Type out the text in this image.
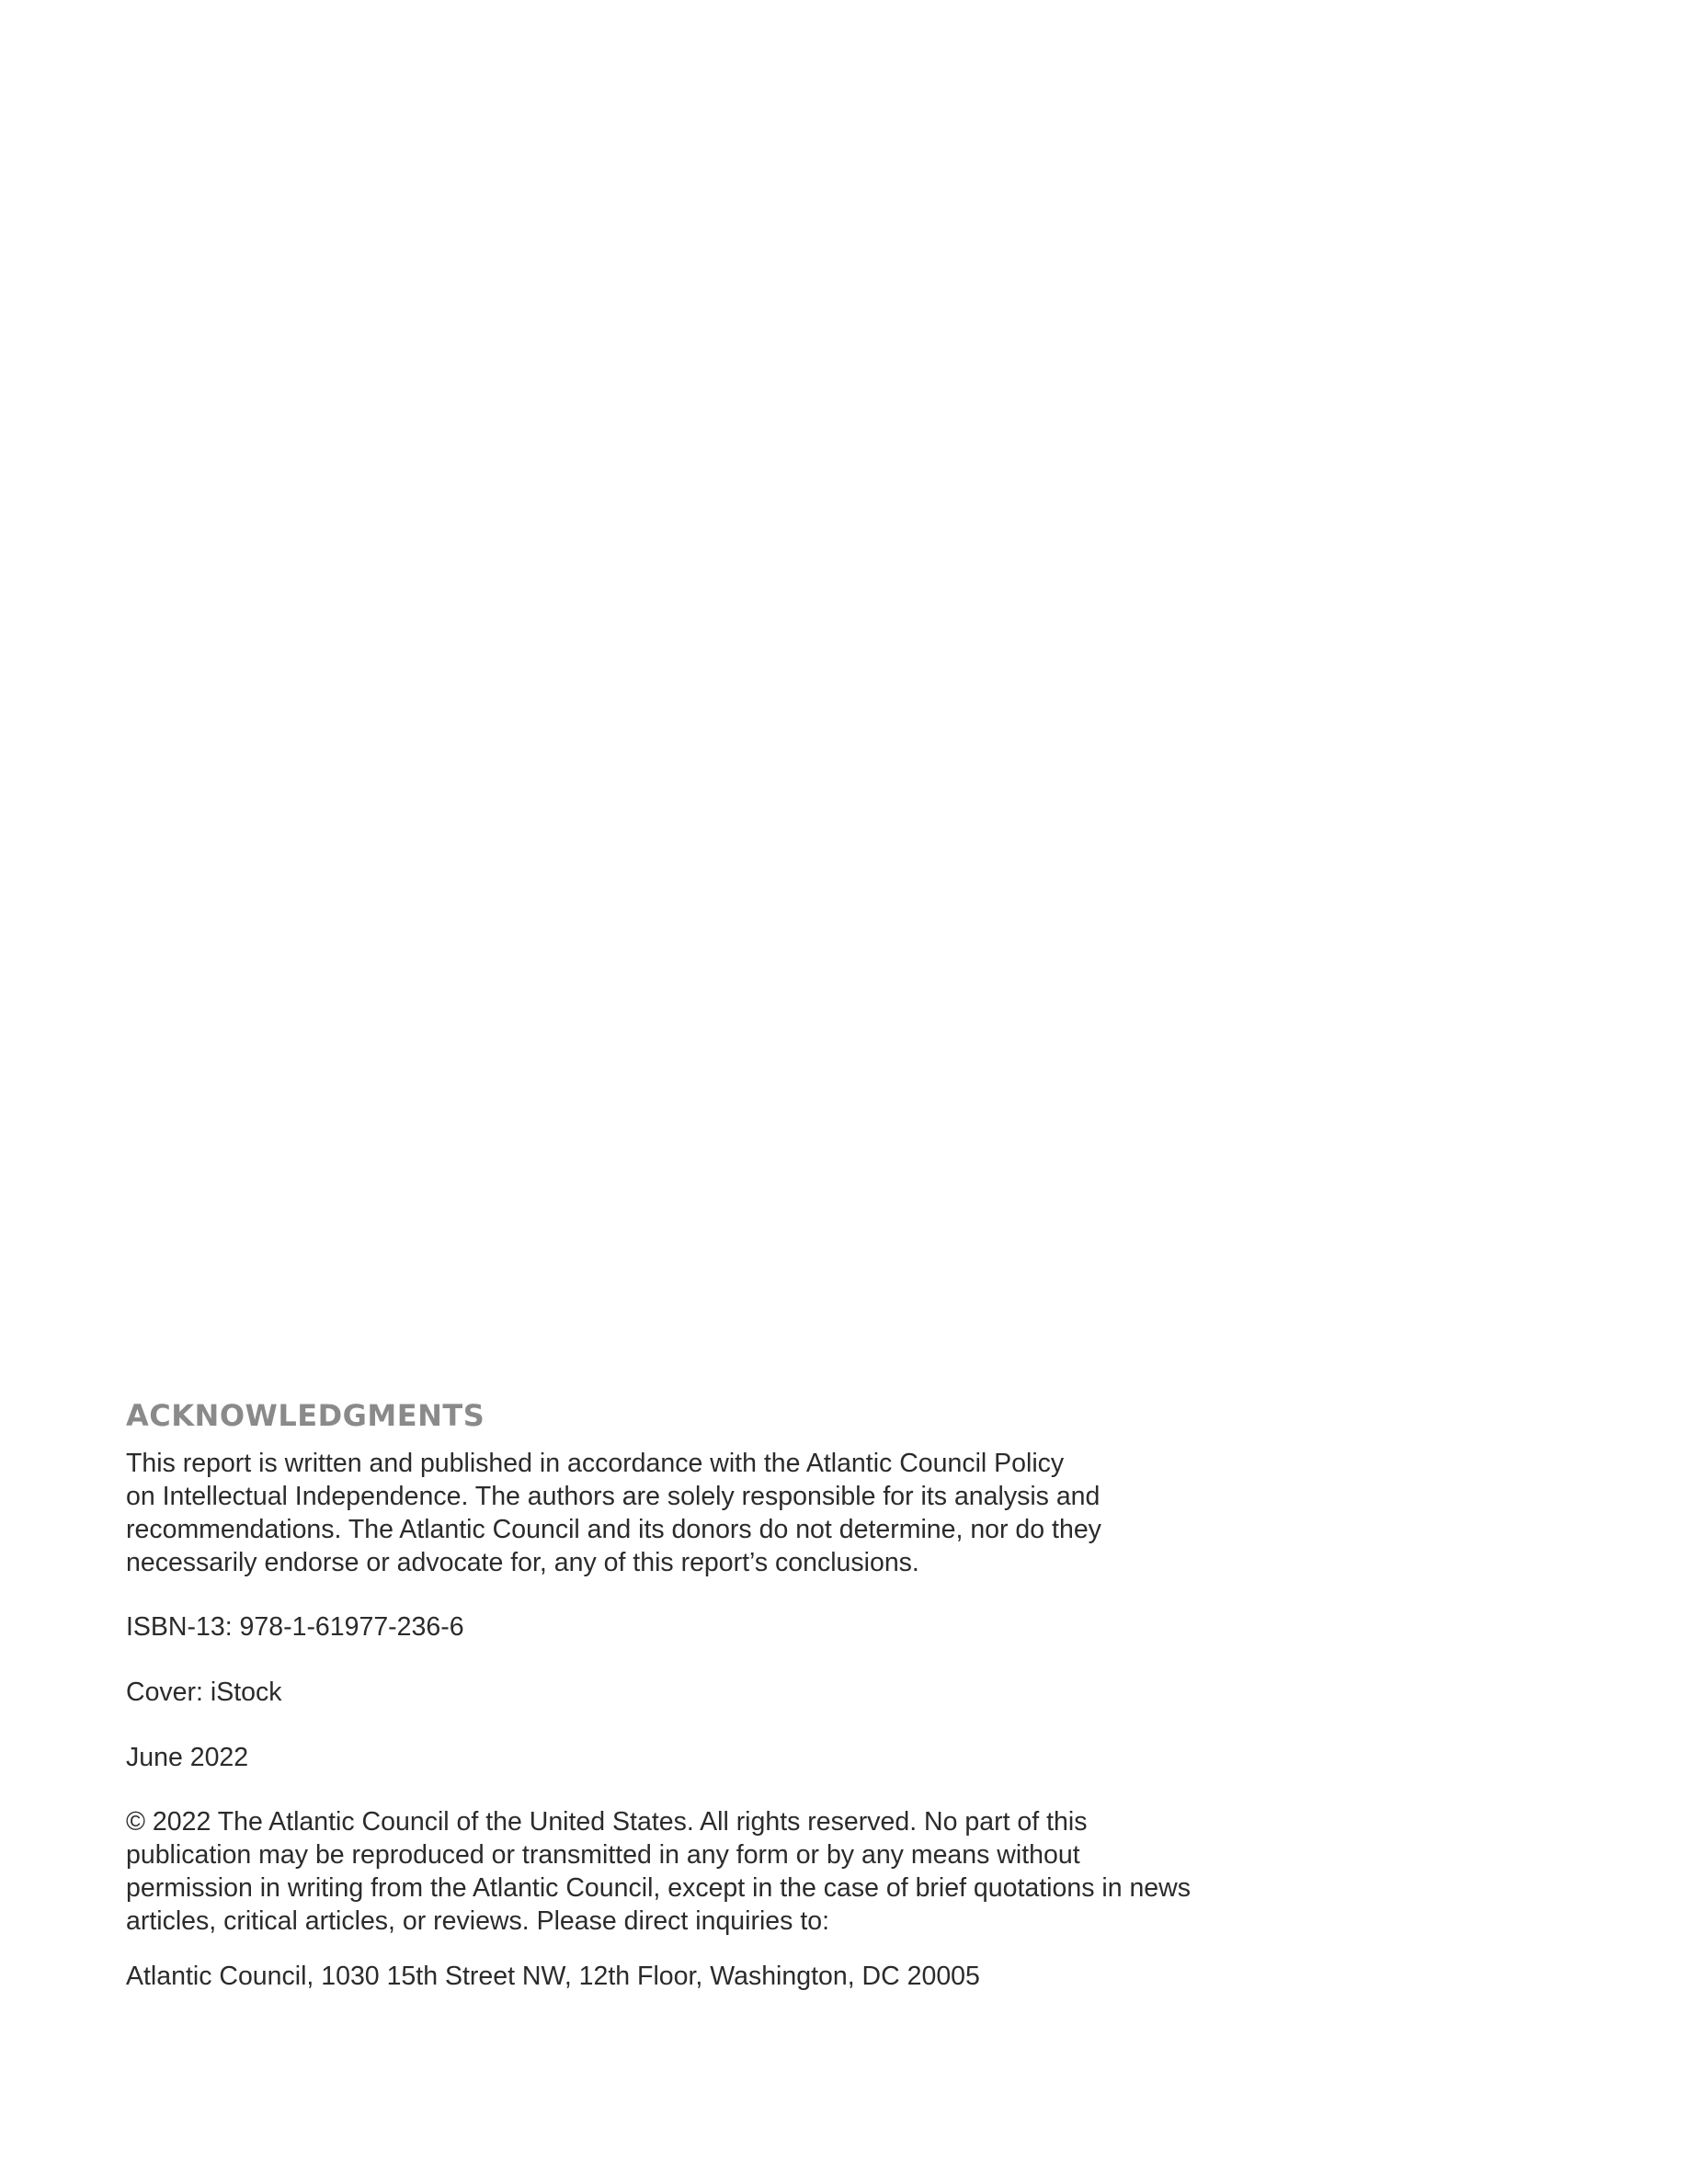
ACKNOWLEDGMENTS

This report is written and published in accordance with the Atlantic Council Policy
on Intellectual Independence. The authors are solely responsible for its analysis and
recommendations. The Atlantic Council and its donors do not determine, nor do they
necessarily endorse or advocate for, any of this report’s conclusions.

ISBN-13: 978-1-61977-236-6

Cover: iStock

June 2022

© 2022 The Atlantic Council of the United States. All rights reserved. No part of this
publication may be reproduced or transmitted in any form or by any means without
permission in writing from the Atlantic Council, except in the case of brief quotations in news
articles, critical articles, or reviews. Please direct inquiries to:

Atlantic Council, 1030 15th Street NW, 12th Floor, Washington, DC 20005
